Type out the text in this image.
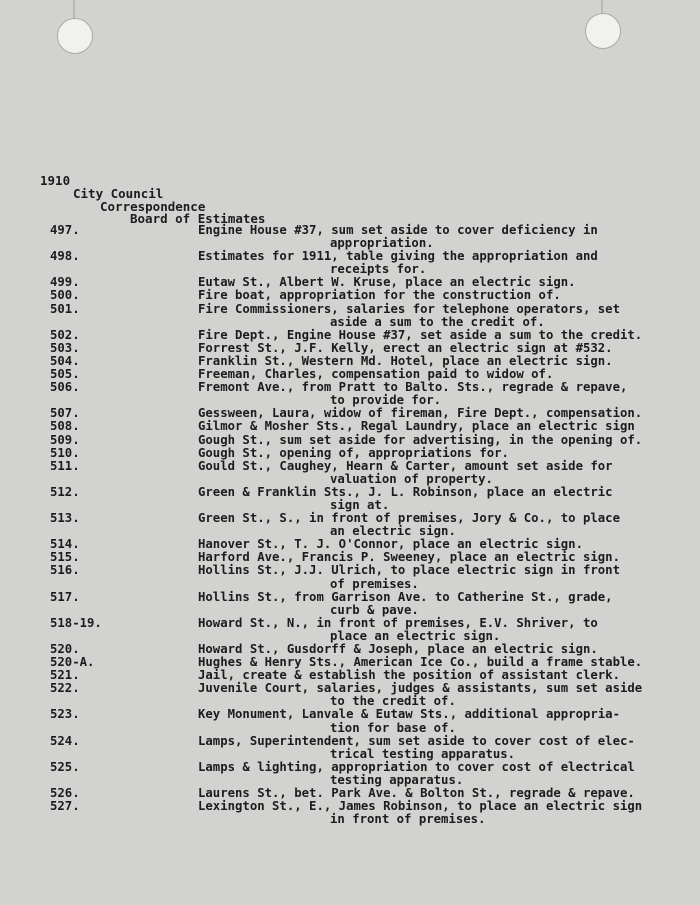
1910
City Council
Correspondence
Board of Estimates
497.	Engine House #37, sum set aside to cover deficiency in
appropriation.
498.	Estimates for 1911, table giving the appropriation and
receipts for.
499.	Eutaw St., Albert W. Kruse, place an electric sign.
500.	Fire boat, appropriation for the construction of.
501.	Fire Commissioners, salaries for telephone operators, set
aside a sum to the credit of.
502.	Fire Dept., Engine House #37, set aside a sum to the credit.
503.	Forrest St., J.F. Kelly, erect an electric sign at #532.
504.	Franklin St., Western Md. Hotel, place an electric sign.
505.	Freeman, Charles, compensation paid to widow of.
506.	Fremont Ave., from Pratt to Balto. Sts., regrade & repave,
to provide for.
507.	Gessween, Laura, widow of fireman, Fire Dept., compensation.
508.	Gilmor & Mosher Sts., Regal Laundry, place an electric sign
509.	Gough St., sum set aside for advertising, in the opening of.
510.	Gough St., opening of, appropriations for.
511.	Gould St., Caughey, Hearn & Carter, amount set aside for
valuation of property.
512.	Green & Franklin Sts., J. L. Robinson, place an electric
sign at.
513.	Green St., S., in front of premises, Jory & Co., to place
an electric sign.
514.	Hanover St., T. J. O'Connor, place an electric sign.
515.	Harford Ave., Francis P. Sweeney, place an electric sign.
516.	Hollins St., J.J. Ulrich, to place electric sign in front
of premises.
517.	Hollins St., from Garrison Ave. to Catherine St., grade,
curb & pave.
518-19.	Howard St., N., in front of premises, E.V. Shriver, to
place an electric sign.
520.	Howard St., Gusdorff & Joseph, place an electric sign.
520-A.	Hughes & Henry Sts., American Ice Co., build a frame stable.
521.	Jail, create & establish the position of assistant clerk.
522.	Juvenile Court, salaries, judges & assistants, sum set aside
to the credit of.
523.	Key Monument, Lanvale & Eutaw Sts., additional appropria-
tion for base of.
524.	Lamps, Superintendent, sum set aside to cover cost of elec-
trical testing apparatus.
525.	Lamps & lighting, appropriation to cover cost of electrical
testing apparatus.
526.	Laurens St., bet. Park Ave. & Bolton St., regrade & repave.
527.	Lexington St., E., James Robinson, to place an electric sign
in front of premises.
